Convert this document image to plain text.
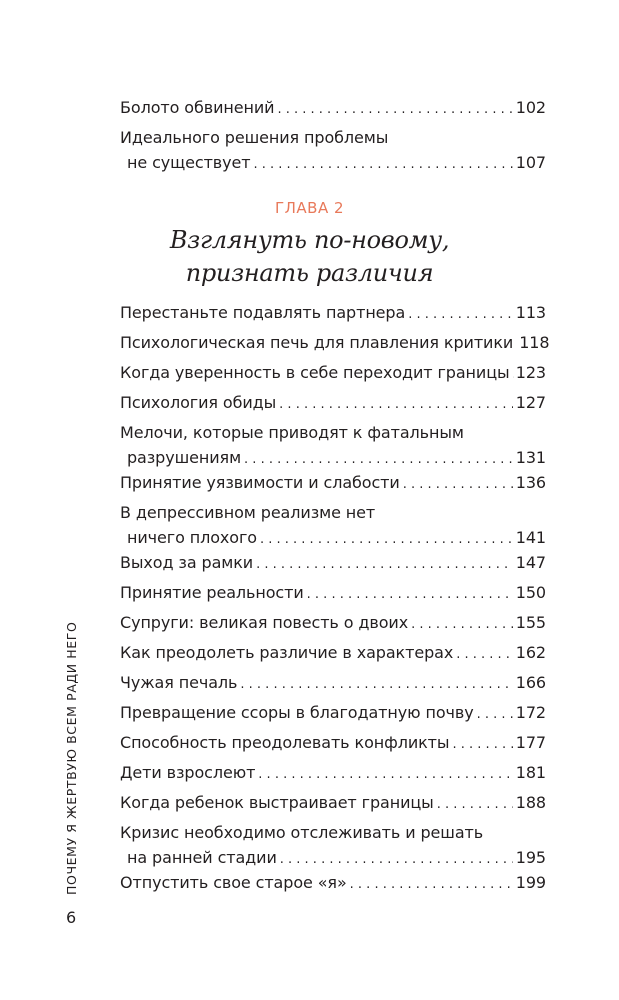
Болото обвинений . . .	102
Идеального решения проблемы
не существует . . .	107
ГЛАВА 2
Взглянуть по-новому,
признать различия
Перестаньте подавлять партнера . . .	113
Психологическая печь для плавления критики 118
Когда уверенность в себе переходит границы . . . 123
Психология обиды . . .	127
Мелочи, которые приводят к фатальным
разрушениям . . .	131
Принятие уязвимости и слабости . . .	136
В депрессивном реализме нет
ничего плохого . . .	141
Выход за рамки . . .	147
Принятие реальности . . .	150
Супруги: великая повесть о двоих . . .	155
Как преодолеть различие в характерах . . .	162
Чужая печаль . . .	166
Превращение ссоры в благодатную почву . . .	172
Способность преодолевать конфликты . . .	177
Дети взрослеют . . .	181
Когда ребенок выстраивает границы . . .	188
Кризис необходимо отслеживать и решать
на ранней стадии . . .	195
Отпустить свое старое «я» . . .	199
ПОЧЕМУ Я ЖЕРТВУЮ ВСЕМ РАДИ НЕГО
6
